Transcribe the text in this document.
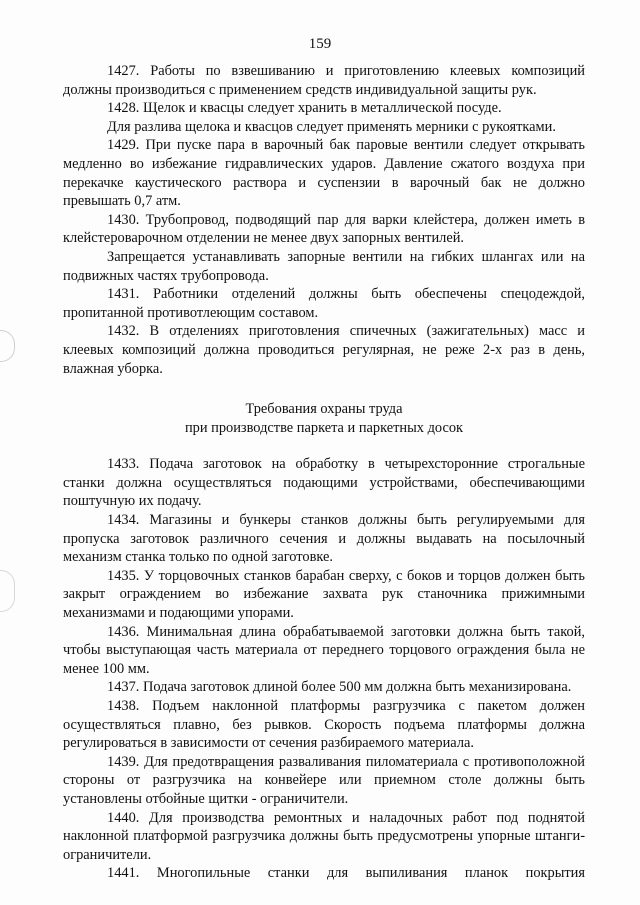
159

1427. Работы по взвешиванию и приготовлению клеевых композиций должны производиться с применением средств индивидуальной защиты рук.

1428. Щелок и квасцы следует хранить в металлической посуде.

Для разлива щелока и квасцов следует применять мерники с рукоятками.

1429. При пуске пара в варочный бак паровые вентили следует открывать медленно во избежание гидравлических ударов. Давление сжатого воздуха при перекачке каустического раствора и суспензии в варочный бак не должно превышать 0,7 атм.

1430. Трубопровод, подводящий пар для варки клейстера, должен иметь в клейстероварочном отделении не менее двух запорных вентилей.

Запрещается устанавливать запорные вентили на гибких шлангах или на подвижных частях трубопровода.

1431. Работники отделений должны быть обеспечены спецодеждой, пропитанной противотлеющим составом.

1432. В отделениях приготовления спичечных (зажигательных) масс и клеевых композиций должна проводиться регулярная, не реже 2-х раз в день, влажная уборка.

Требования охраны труда

при производстве паркета и паркетных досок

1433. Подача заготовок на обработку в четырехсторонние строгальные станки должна осуществляться подающими устройствами, обеспечивающими поштучную их подачу.

1434. Магазины и бункеры станков должны быть регулируемыми для пропуска заготовок различного сечения и должны выдавать на посылочный механизм станка только по одной заготовке.

1435. У торцовочных станков барабан сверху, с боков и торцов должен быть закрыт ограждением во избежание захвата рук станочника прижимными механизмами и подающими упорами.

1436. Минимальная длина обрабатываемой заготовки должна быть такой, чтобы выступающая часть материала от переднего торцового ограждения была не менее 100 мм.

1437. Подача заготовок длиной более 500 мм должна быть механизирована.

1438. Подъем наклонной платформы разгрузчика с пакетом должен осуществляться плавно, без рывков. Скорость подъема платформы должна регулироваться в зависимости от сечения разбираемого материала.

1439. Для предотвращения разваливания пиломатериала с противоположной стороны от разгрузчика на конвейере или приемном столе должны быть установлены отбойные щитки - ограничители.

1440. Для производства ремонтных и наладочных работ под поднятой наклонной платформой разгрузчика должны быть предусмотрены упорные штанги-ограничители.

1441. Многопильные станки для выпиливания планок покрытия
